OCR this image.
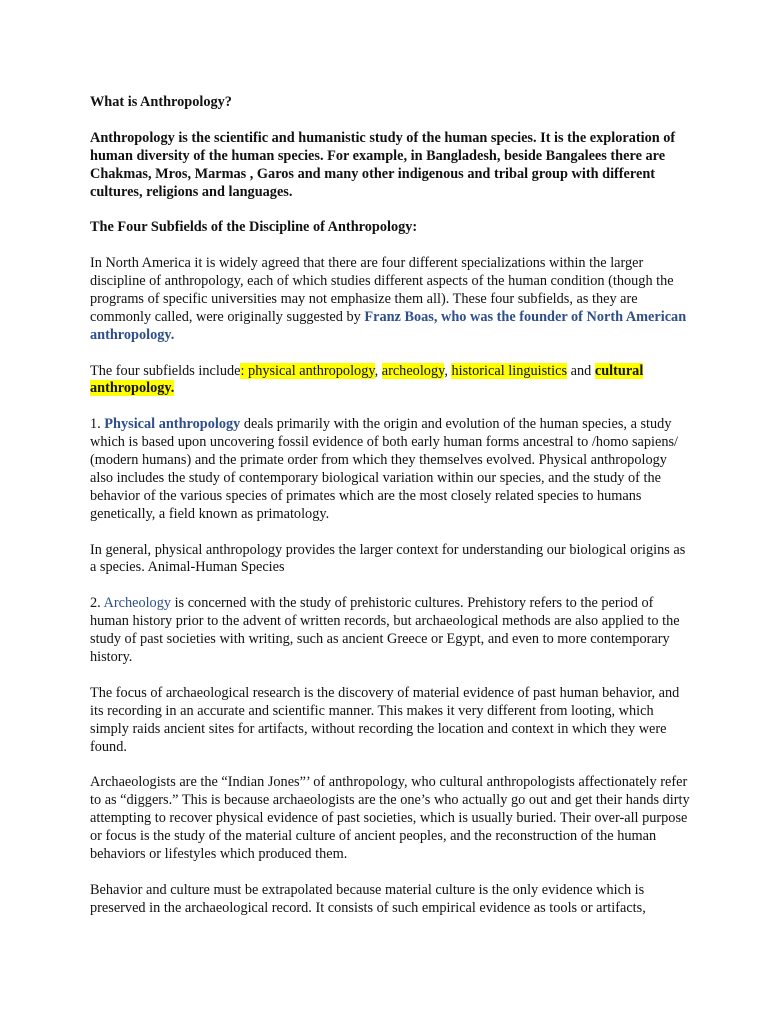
What is Anthropology?

Anthropology is the scientific and humanistic study of the human species. It is the exploration of human diversity of the human species. For example, in Bangladesh, beside Bangalees there are Chakmas, Mros, Marmas , Garos and many other indigenous and tribal group with different cultures, religions and languages.

The Four Subfields of the Discipline of Anthropology:

In North America it is widely agreed that there are four different specializations within the larger discipline of anthropology, each of which studies different aspects of the human condition (though the programs of specific universities may not emphasize them all). These four subfields, as they are commonly called, were originally suggested by Franz Boas, who was the founder of North American anthropology.

The four subfields include: physical anthropology, archeology, historical linguistics and cultural anthropology.

1. Physical anthropology deals primarily with the origin and evolution of the human species, a study which is based upon uncovering fossil evidence of both early human forms ancestral to /homo sapiens/ (modern humans) and the primate order from which they themselves evolved. Physical anthropology also includes the study of contemporary biological variation within our species, and the study of the behavior of the various species of primates which are the most closely related species to humans genetically, a field known as primatology.

In general, physical anthropology provides the larger context for understanding our biological origins as a species. Animal-Human Species

2. Archeology is concerned with the study of prehistoric cultures. Prehistory refers to the period of human history prior to the advent of written records, but archaeological methods are also applied to the study of past societies with writing, such as ancient Greece or Egypt, and even to more contemporary history.

The focus of archaeological research is the discovery of material evidence of past human behavior, and its recording in an accurate and scientific manner. This makes it very different from looting, which simply raids ancient sites for artifacts, without recording the location and context in which they were found.

Archaeologists are the “Indian Jones”’ of anthropology, who cultural anthropologists affectionately refer to as “diggers.” This is because archaeologists are the one’s who actually go out and get their hands dirty attempting to recover physical evidence of past societies, which is usually buried. Their over-all purpose or focus is the study of the material culture of ancient peoples, and the reconstruction of the human behaviors or lifestyles which produced them.

Behavior and culture must be extrapolated because material culture is the only evidence which is preserved in the archaeological record. It consists of such empirical evidence as tools or artifacts,
